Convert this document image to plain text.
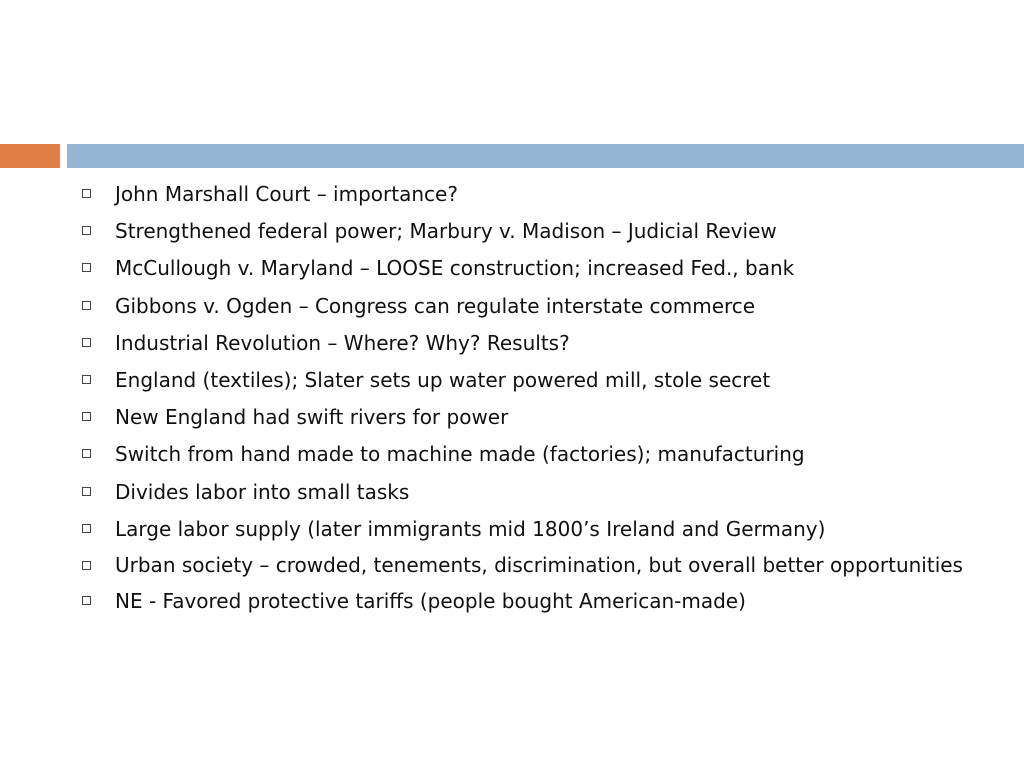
John Marshall Court – importance?
Strengthened federal power; Marbury v. Madison – Judicial Review
McCullough v. Maryland – LOOSE construction; increased Fed., bank
Gibbons v. Ogden – Congress can regulate interstate commerce
Industrial Revolution – Where? Why? Results?
England (textiles); Slater sets up water powered mill, stole secret
New England had swift rivers for power
Switch from hand made to machine made (factories); manufacturing
Divides labor into small tasks
Large labor supply (later immigrants mid 1800’s Ireland and Germany)
Urban society – crowded, tenements, discrimination, but overall better opportunities
NE - Favored protective tariffs (people bought American-made)
